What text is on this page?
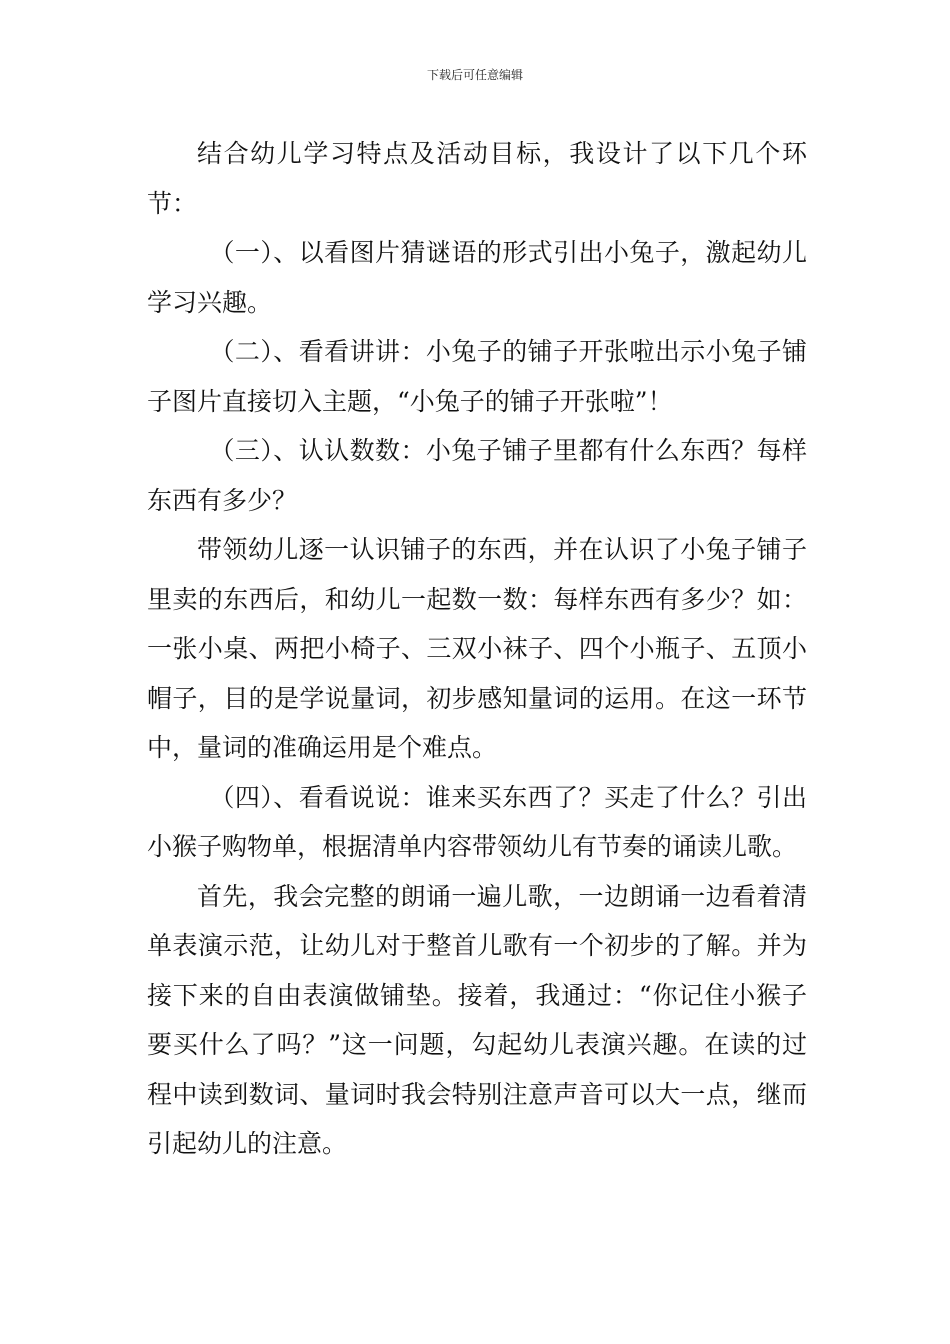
下载后可任意编辑

结合幼儿学习特点及活动目标，我设计了以下几个环节：

（一）、以看图片猜谜语的形式引出小兔子，激起幼儿学习兴趣。

（二）、看看讲讲：小兔子的铺子开张啦出示小兔子铺子图片直接切入主题，“小兔子的铺子开张啦”！

（三）、认认数数：小兔子铺子里都有什么东西？每样东西有多少？

带领幼儿逐一认识铺子的东西，并在认识了小兔子铺子里卖的东西后，和幼儿一起数一数：每样东西有多少？如：一张小桌、两把小椅子、三双小袜子、四个小瓶子、五顶小帽子，目的是学说量词，初步感知量词的运用。在这一环节中，量词的准确运用是个难点。

（四）、看看说说：谁来买东西了？买走了什么？引出小猴子购物单，根据清单内容带领幼儿有节奏的诵读儿歌。

首先，我会完整的朗诵一遍儿歌，一边朗诵一边看着清单表演示范，让幼儿对于整首儿歌有一个初步的了解。并为接下来的自由表演做铺垫。接着，我通过：“你记住小猴子要买什么了吗？”这一问题，勾起幼儿表演兴趣。在读的过程中读到数词、量词时我会特别注意声音可以大一点，继而引起幼儿的注意。
